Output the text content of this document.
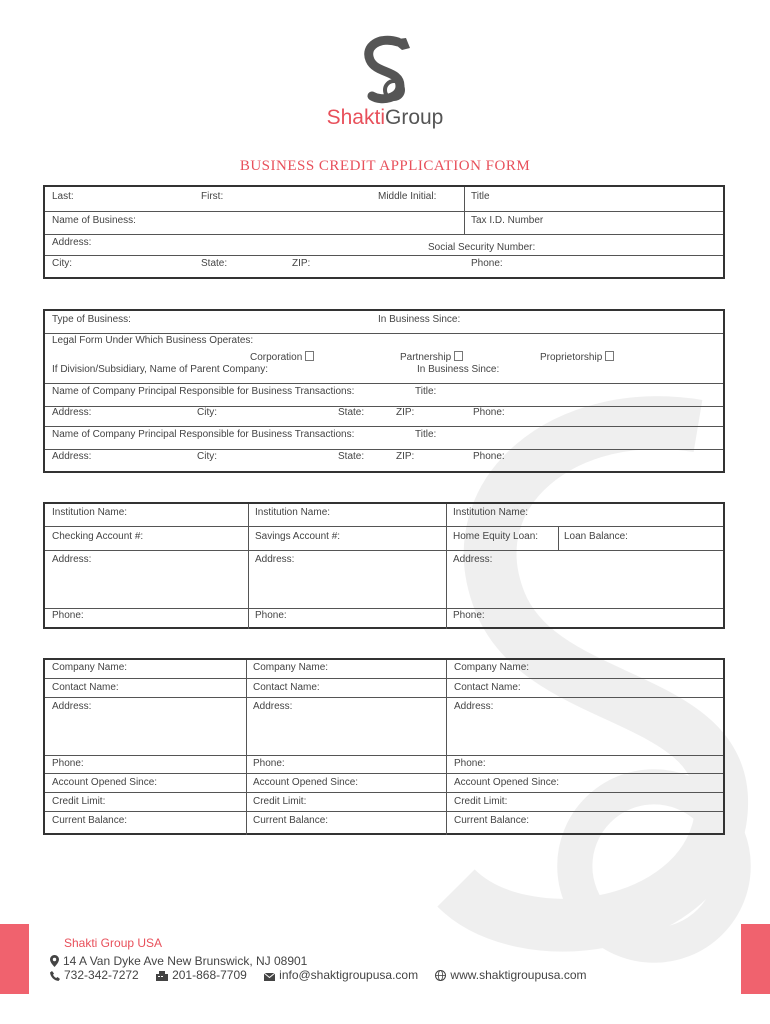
ShaktiGroup
BUSINESS CREDIT APPLICATION FORM
Last:	First:	Middle Initial:	Title
Name of Business:	Tax I.D. Number
Address:	Social Security Number:
City:	State:	ZIP:	Phone:
Type of Business:	In Business Since:
Legal Form Under Which Business Operates:
Corporation	Partnership	Proprietorship
If Division/Subsidiary, Name of Parent Company:	In Business Since:
Name of Company Principal Responsible for Business Transactions:	Title:
Address:	City:	State:	ZIP:	Phone:
Name of Company Principal Responsible for Business Transactions:	Title:
Address:	City:	State:	ZIP:	Phone:
Institution Name:	Institution Name:	Institution Name:
Checking Account #:	Savings Account #:	Home Equity Loan:	Loan Balance:
Address:	Address:	Address:
Phone:	Phone:	Phone:
Company Name:	Company Name:	Company Name:
Contact Name:	Contact Name:	Contact Name:
Address:	Address:	Address:
Phone:	Phone:	Phone:
Account Opened Since:	Account Opened Since:	Account Opened Since:
Credit Limit:	Credit Limit:	Credit Limit:
Current Balance:	Current Balance:	Current Balance:
Shakti Group USA
14 A Van Dyke Ave New Brunswick, NJ 08901
732-342-7272	201-868-7709	info@shaktigroupusa.com	www.shaktigroupusa.com
